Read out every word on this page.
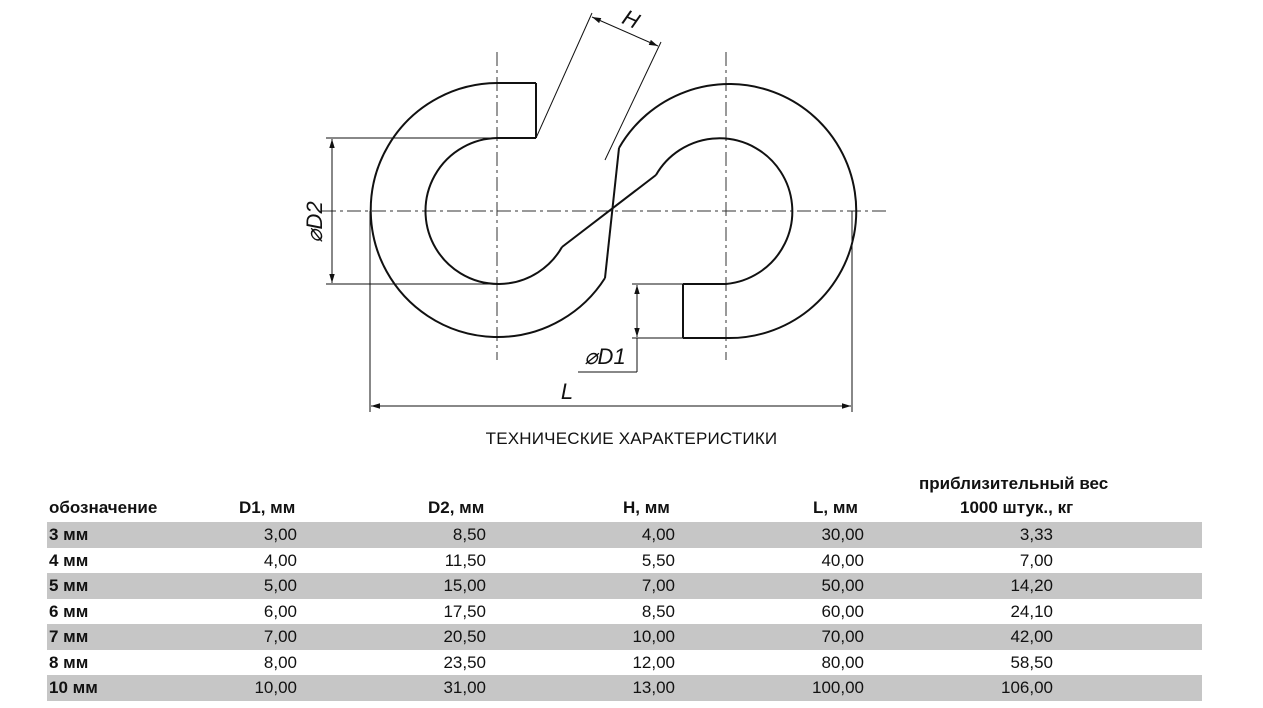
H
⌀D2
⌀D1
L
ТЕХНИЧЕСКИЕ ХАРАКТЕРИСТИКИ
обозначение	D1, мм	D2, мм	H, мм	L, мм
приблизительный вес
1000 штук., кг
3 мм	3,00	8,50	4,00	30,00	3,33
4 мм	4,00	11,50	5,50	40,00	7,00
5 мм	5,00	15,00	7,00	50,00	14,20
6 мм	6,00	17,50	8,50	60,00	24,10
7 мм	7,00	20,50	10,00	70,00	42,00
8 мм	8,00	23,50	12,00	80,00	58,50
10 мм	10,00	31,00	13,00	100,00	106,00
